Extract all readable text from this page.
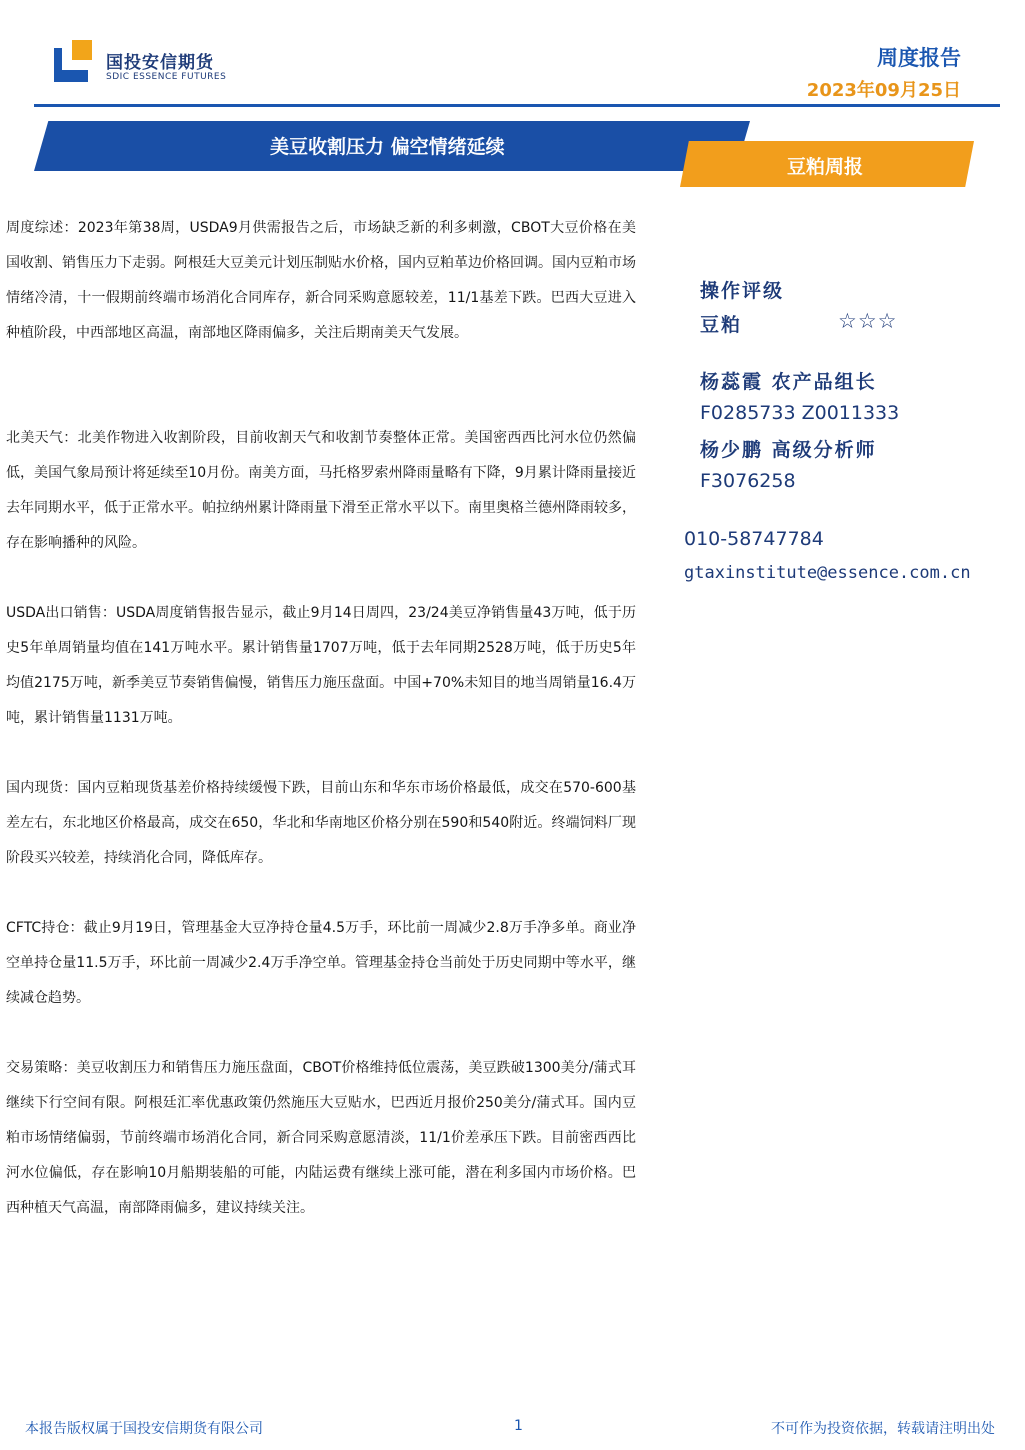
国投安信期货
SDIC ESSENCE FUTURES
周度报告
2023年09月25日
美豆收割压力 偏空情绪延续
豆粕周报
周度综述：2023年第38周，USDA9月供需报告之后，市场缺乏新的利多刺激，CBOT大豆价格在美国收割、销售压力下走弱。阿根廷大豆美元计划压制贴水价格，国内豆粕革边价格回调。国内豆粕市场情绪冷清，十一假期前终端市场消化合同库存，新合同采购意愿较差，11/1基差下跌。巴西大豆进入种植阶段，中西部地区高温，南部地区降雨偏多，关注后期南美天气发展。
北美天气：北美作物进入收割阶段，目前收割天气和收割节奏整体正常。美国密西西比河水位仍然偏低，美国气象局预计将延续至10月份。南美方面，马托格罗索州降雨量略有下降，9月累计降雨量接近去年同期水平，低于正常水平。帕拉纳州累计降雨量下滑至正常水平以下。南里奥格兰德州降雨较多，存在影响播种的风险。
USDA出口销售：USDA周度销售报告显示，截止9月14日周四，23/24美豆净销售量43万吨，低于历史5年单周销量均值在141万吨水平。累计销售量1707万吨，低于去年同期2528万吨，低于历史5年均值2175万吨，新季美豆节奏销售偏慢，销售压力施压盘面。中国+70%未知目的地当周销量16.4万吨，累计销售量1131万吨。
国内现货：国内豆粕现货基差价格持续缓慢下跌，目前山东和华东市场价格最低，成交在570-600基差左右，东北地区价格最高，成交在650，华北和华南地区价格分别在590和540附近。终端饲料厂现阶段买兴较差，持续消化合同，降低库存。
CFTC持仓：截止9月19日，管理基金大豆净持仓量4.5万手，环比前一周减少2.8万手净多单。商业净空单持仓量11.5万手，环比前一周减少2.4万手净空单。管理基金持仓当前处于历史同期中等水平，继续减仓趋势。
交易策略：美豆收割压力和销售压力施压盘面，CBOT价格维持低位震荡，美豆跌破1300美分/蒲式耳继续下行空间有限。阿根廷汇率优惠政策仍然施压大豆贴水，巴西近月报价250美分/蒲式耳。国内豆粕市场情绪偏弱，节前终端市场消化合同，新合同采购意愿清淡，11/1价差承压下跌。目前密西西比河水位偏低，存在影响10月船期装船的可能，内陆运费有继续上涨可能，潜在利多国内市场价格。巴西种植天气高温，南部降雨偏多，建议持续关注。
操作评级
豆粕	☆☆☆
杨蕊霞 农产品组长
F0285733 Z0011333
杨少鹏 高级分析师
F3076258
010-58747784
gtaxinstitute@essence.com.cn
本报告版权属于国投安信期货有限公司	1	不可作为投资依据，转载请注明出处
